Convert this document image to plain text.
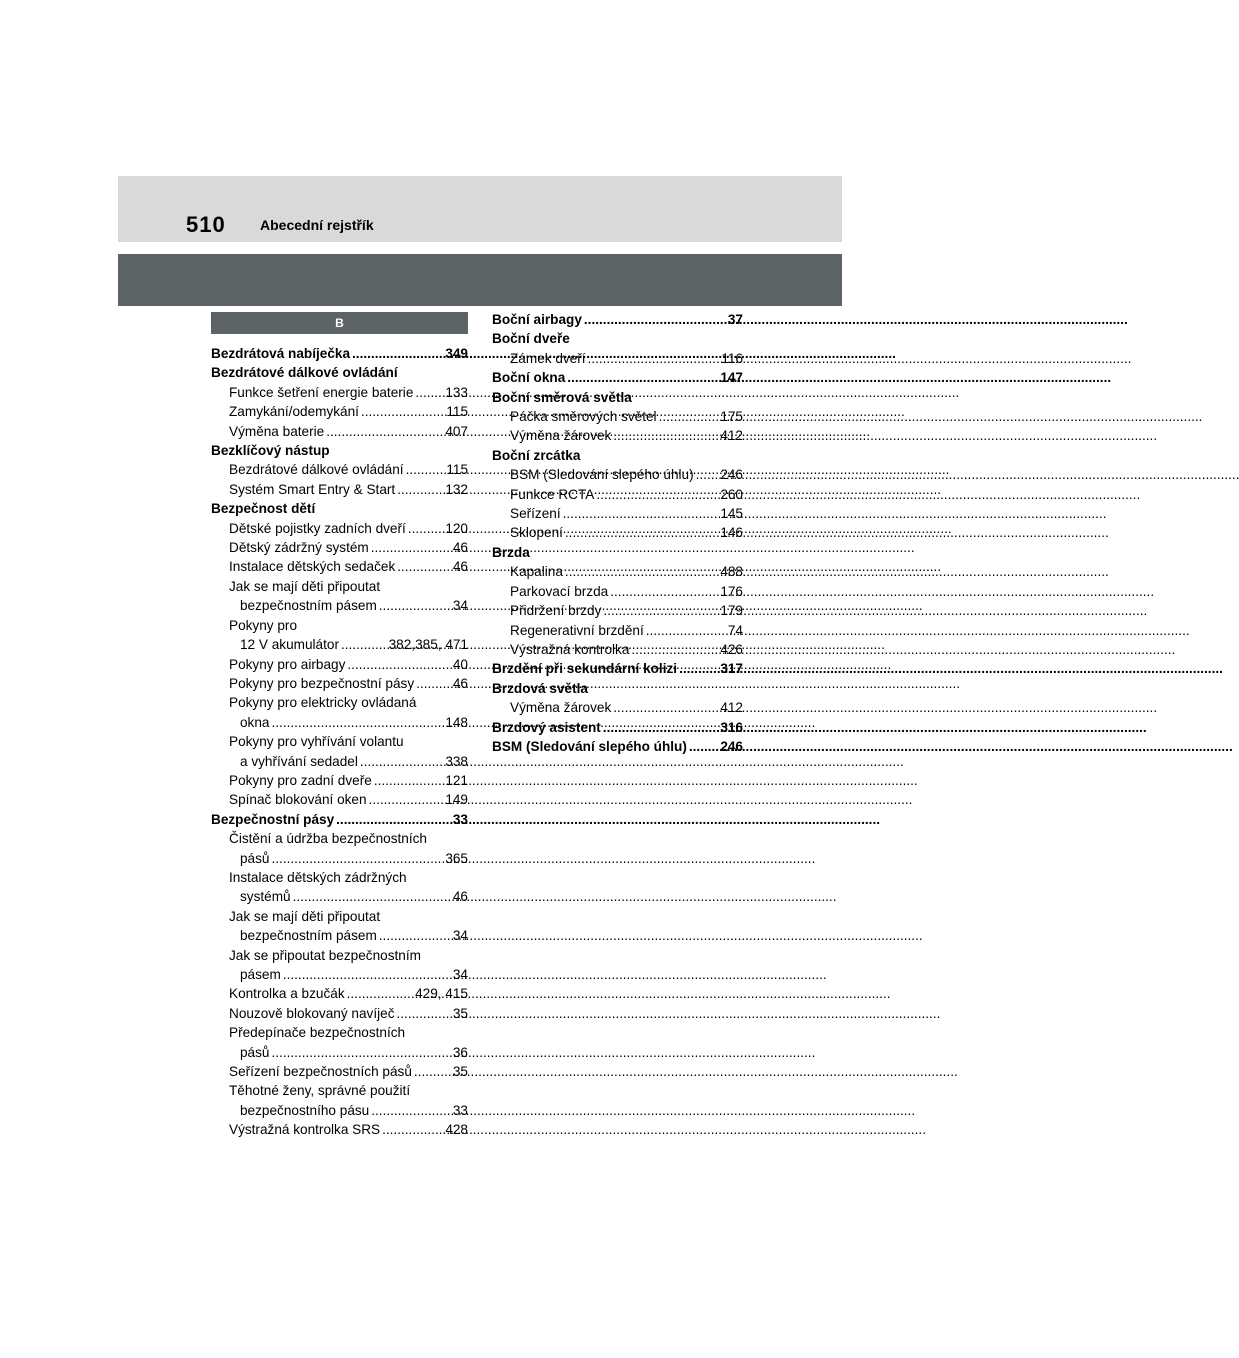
510 Abecední rejstřík
B
Bezdrátová nabíječka .....	349
Bezdrátové dálkové ovládání
Funkce šetření energie baterie ..... 133
Zamykání/odemykání .....	115
Výměna baterie .....	407
Bezklíčový nástup
Bezdrátové dálkové ovládání .....	115
Systém Smart Entry & Start .....	132
Bezpečnost dětí
Dětské pojistky zadních dveří .....	120
Dětský zádržný systém .....	46
Instalace dětských sedaček .....	46
Jak se mají děti připoutat
bezpečnostním pásem .....	34
Pokyny pro
12 V akumulátor .....	382,385, 471
Pokyny pro airbagy .....	40
Pokyny pro bezpečnostní pásy .....	46
Pokyny pro elektricky ovládaná
okna .....	148
Pokyny pro vyhřívání volantu
a vyhřívání sedadel .....	338
Pokyny pro zadní dveře .....	121
Spínač blokování oken .....	149
Bezpečnostní pásy .....	33
Čistění a údržba bezpečnostních
pásů .....	365
Instalace dětských zádržných
systémů .....	46
Jak se mají děti připoutat
bezpečnostním pásem .....	34
Jak se připoutat bezpečnostním
pásem .....	34
Kontrolka a bzučák .....	429, 415
Nouzově blokovaný navíječ .....	35
Předepínače bezpečnostních
pásů .....	36
Seřízení bezpečnostních pásů .....	35
Těhotné ženy, správné použití
bezpečnostního pásu .....	33
Výstražná kontrolka SRS .....	428
Boční airbagy .....	37
Boční dveře
Zámek dveří .....	116
Boční okna .....	147
Boční směrová světla
Páčka směrových světel .....	175
Výměna žárovek .....	412
Boční zrcátka
BSM (Sledování slepého úhlu) ..... 246
Funkce RCTA .....	260
Seřízení .....	145
Sklopení .....	146
Brzda
Kapalina .....	488
Parkovací brzda .....	176
Přidržení brzdy .....	179
Regenerativní brzdění .....	74
Výstražná kontrolka .....	426
Brzdění při sekundární kolizi .....	317
Brzdová světla
Výměna žárovek .....	412
Brzdový asistent .....	316
BSM (Sledování slepého úhlu) ..... 246
